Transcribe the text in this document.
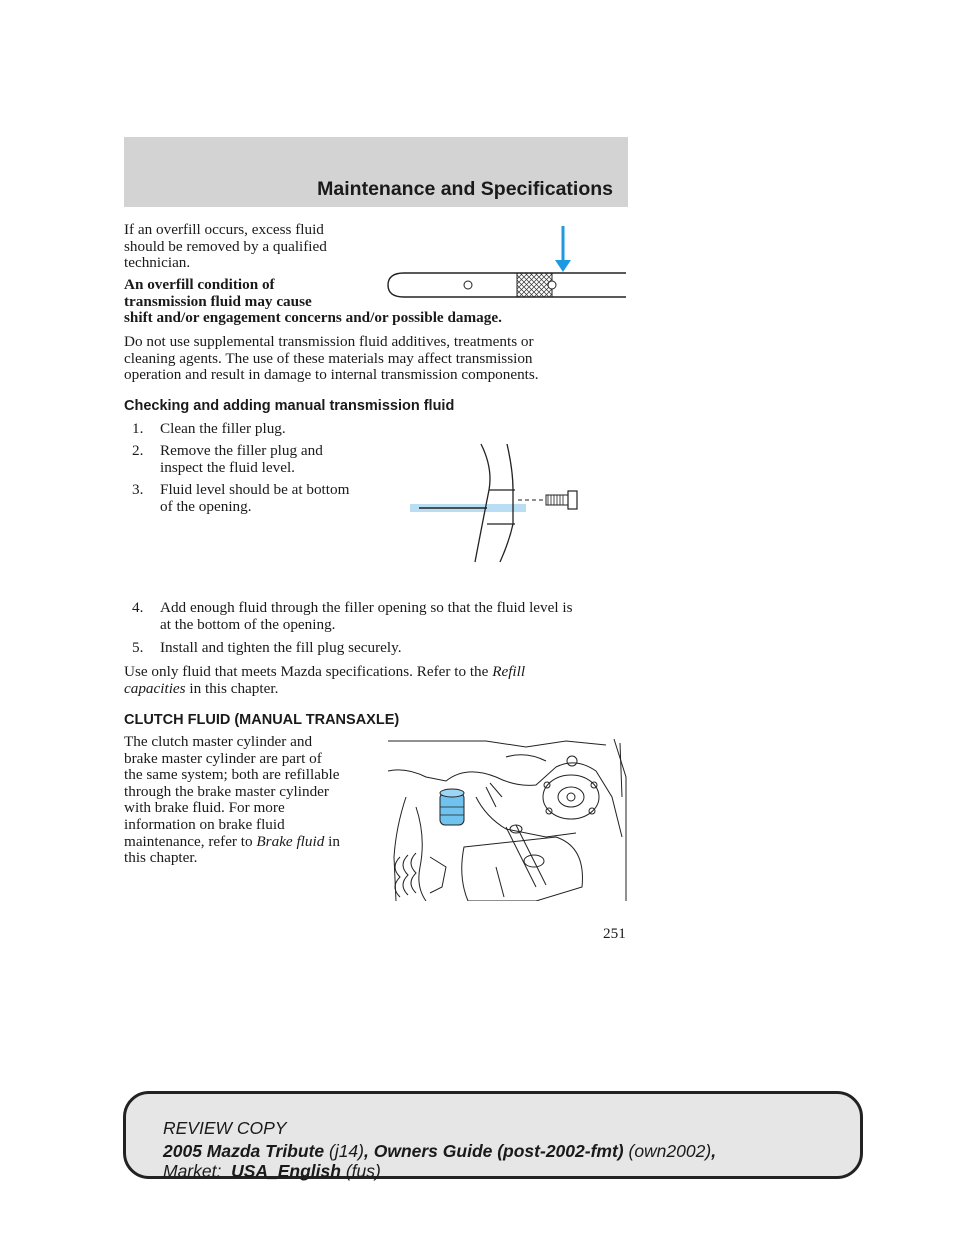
Maintenance and Specifications
If an overfill occurs, excess fluid
should be removed by a qualified
technician.
An overfill condition of
transmission fluid may cause
shift and/or engagement concerns and/or possible damage.
Do not use supplemental transmission fluid additives, treatments or
cleaning agents. The use of these materials may affect transmission
operation and result in damage to internal transmission components.
Checking and adding manual transmission fluid
1. Clean the filler plug.
2. Remove the filler plug and
inspect the fluid level.
3. Fluid level should be at bottom
of the opening.
4. Add enough fluid through the filler opening so that the fluid level is
at the bottom of the opening.
5. Install and tighten the fill plug securely.
Use only fluid that meets Mazda specifications. Refer to the Refill
capacities in this chapter.
CLUTCH FLUID (MANUAL TRANSAXLE)
The clutch master cylinder and
brake master cylinder are part of
the same system; both are refillable
through the brake master cylinder
with brake fluid. For more
information on brake fluid
maintenance, refer to Brake fluid in
this chapter.
251
REVIEW COPY
2005 Mazda Tribute (j14), Owners Guide (post-2002-fmt) (own2002),
Market:  USA_English (fus)
